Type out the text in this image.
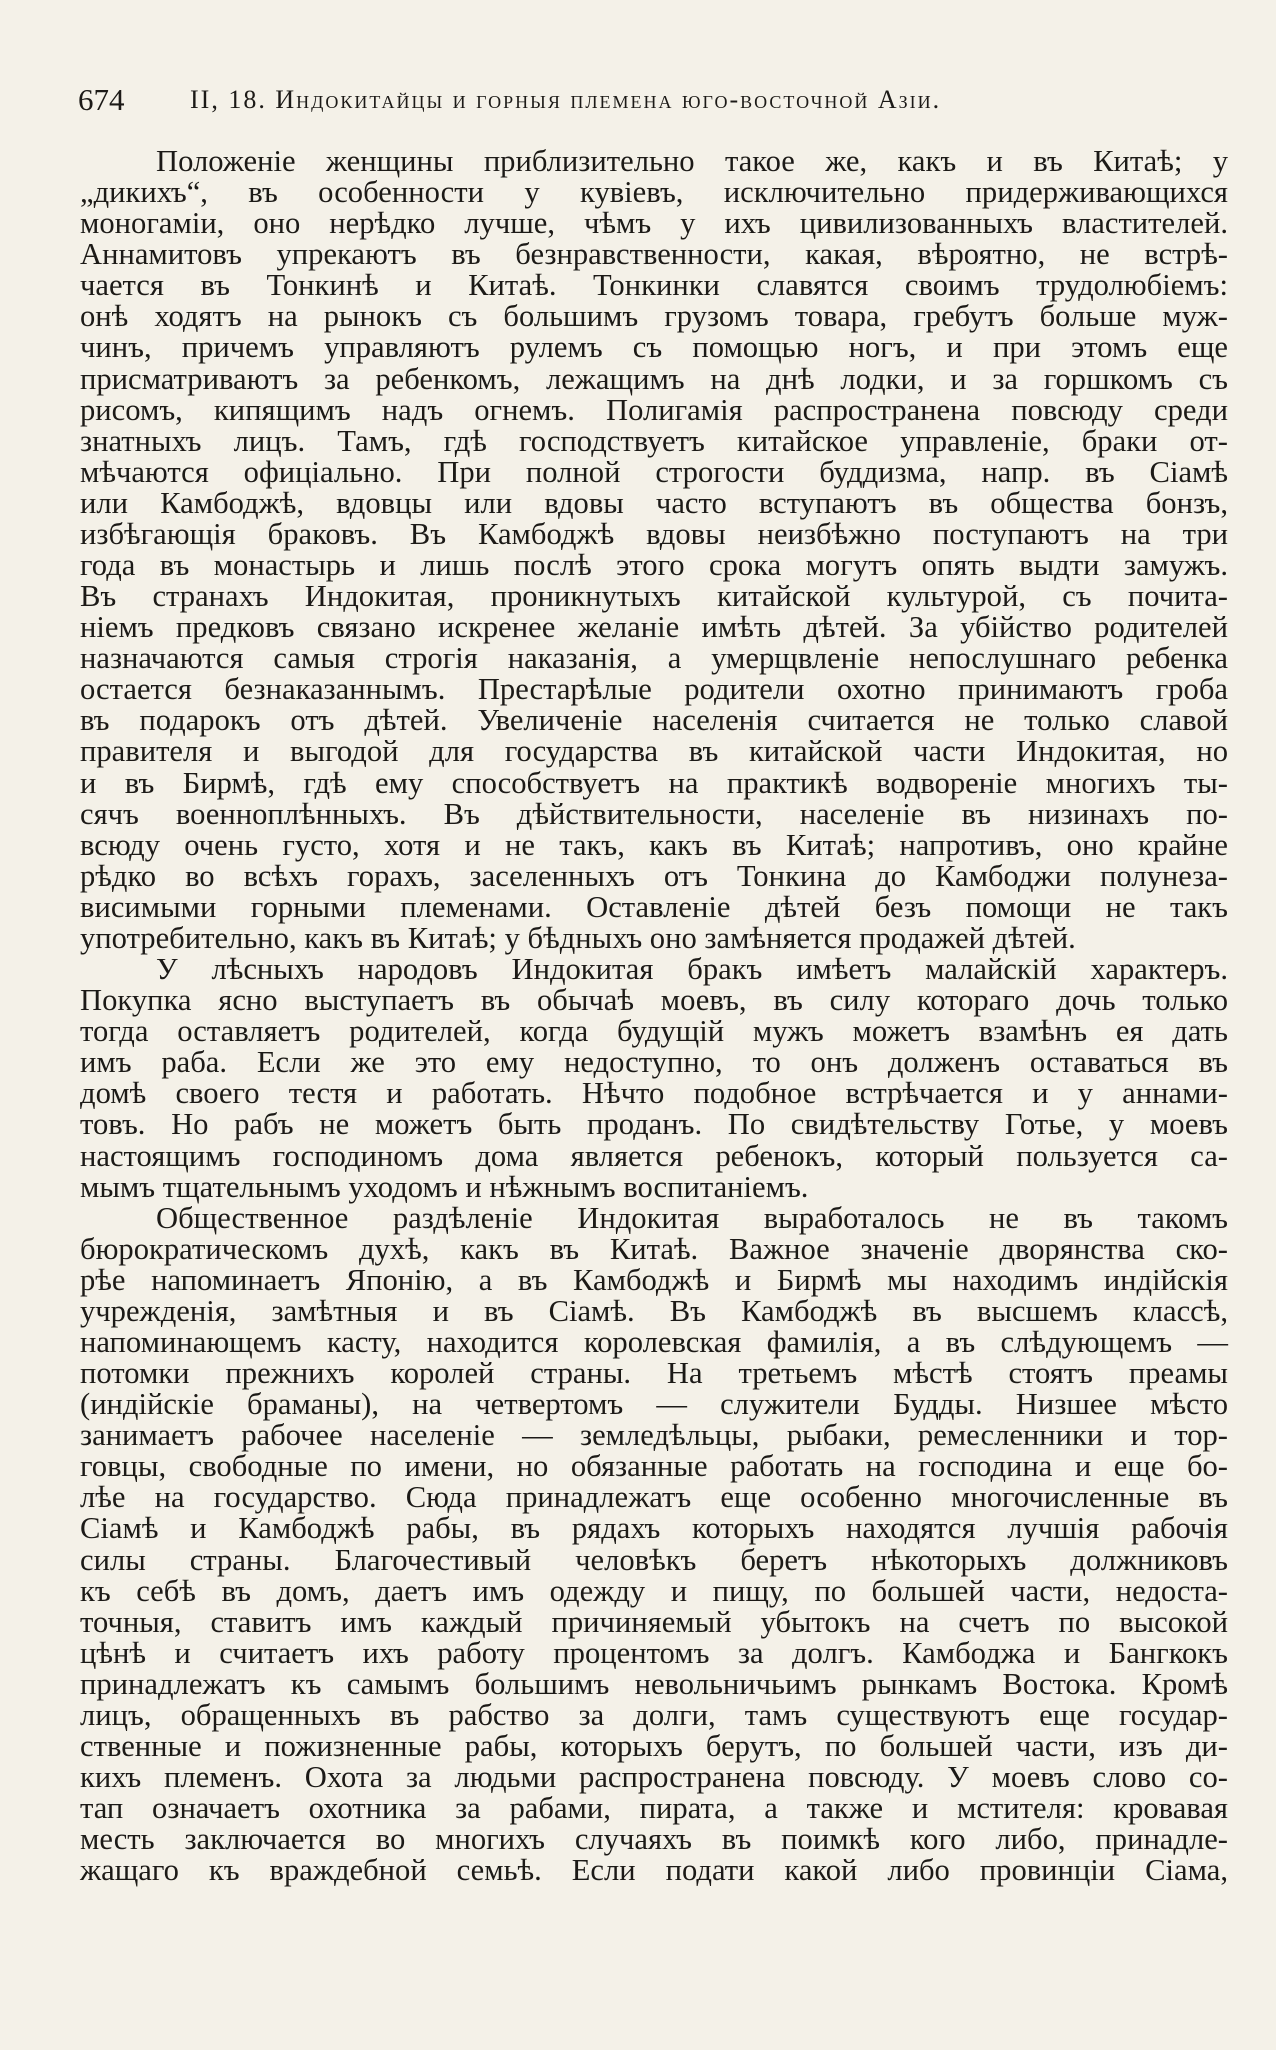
674	II, 18. Индокитайцы и горныя племена юго-восточной Азіи.

Положеніе женщины приблизительно такое же, какъ и въ Китаѣ; у
„дикихъ“, въ особенности у кувіевъ, исключительно придерживающихся
моногаміи, оно нерѣдко лучше, чѣмъ у ихъ цивилизованныхъ властителей.
Аннамитовъ упрекаютъ въ безнравственности, какая, вѣроятно, не встрѣ-
чается въ Тонкинѣ и Китаѣ. Тонкинки славятся своимъ трудолюбіемъ:
онѣ ходятъ на рынокъ съ большимъ грузомъ товара, гребутъ больше муж-
чинъ, причемъ управляютъ рулемъ съ помощью ногъ, и при этомъ еще
присматриваютъ за ребенкомъ, лежащимъ на днѣ лодки, и за горшкомъ съ
рисомъ, кипящимъ надъ огнемъ. Полигамія распространена повсюду среди
знатныхъ лицъ. Тамъ, гдѣ господствуетъ китайское управленіе, браки от-
мѣчаются офиціально. При полной строгости буддизма, напр. въ Сіамѣ
или Камбоджѣ, вдовцы или вдовы часто вступаютъ въ общества бонзъ,
избѣгающія браковъ. Въ Камбоджѣ вдовы неизбѣжно поступаютъ на три
года въ монастырь и лишь послѣ этого срока могутъ опять выдти замужъ.
Въ странахъ Индокитая, проникнутыхъ китайской культурой, съ почита-
ніемъ предковъ связано искренее желаніе имѣть дѣтей. За убійство родителей
назначаются самыя строгія наказанія, а умерщвленіе непослушнаго ребенка
остается безнаказаннымъ. Престарѣлые родители охотно принимаютъ гроба
въ подарокъ отъ дѣтей. Увеличеніе населенія считается не только славой
правителя и выгодой для государства въ китайской части Индокитая, но
и въ Бирмѣ, гдѣ ему способствуетъ на практикѣ водвореніе многихъ ты-
сячъ военноплѣнныхъ. Въ дѣйствительности, населеніе въ низинахъ по-
всюду очень густо, хотя и не такъ, какъ въ Китаѣ; напротивъ, оно крайне
рѣдко во всѣхъ горахъ, заселенныхъ отъ Тонкина до Камбоджи полунеза-
висимыми горными племенами. Оставленіе дѣтей безъ помощи не такъ
употребительно, какъ въ Китаѣ; у бѣдныхъ оно замѣняется продажей дѣтей.

У лѣсныхъ народовъ Индокитая бракъ имѣетъ малайскій характеръ.
Покупка ясно выступаетъ въ обычаѣ моевъ, въ силу котораго дочь только
тогда оставляетъ родителей, когда будущій мужъ можетъ взамѣнъ ея дать
имъ раба. Если же это ему недоступно, то онъ долженъ оставаться въ
домѣ своего тестя и работать. Нѣчто подобное встрѣчается и у аннами-
товъ. Но рабъ не можетъ быть проданъ. По свидѣтельству Готье, у моевъ
настоящимъ господиномъ дома является ребенокъ, который пользуется са-
мымъ тщательнымъ уходомъ и нѣжнымъ воспитаніемъ.

Общественное раздѣленіе Индокитая выработалось не въ такомъ
бюрократическомъ духѣ, какъ въ Китаѣ. Важное значеніе дворянства ско-
рѣе напоминаетъ Японію, а въ Камбоджѣ и Бирмѣ мы находимъ индійскія
учрежденія, замѣтныя и въ Сіамѣ. Въ Камбоджѣ въ высшемъ классѣ,
напоминающемъ касту, находится королевская фамилія, а въ слѣдующемъ —
потомки прежнихъ королей страны. На третьемъ мѣстѣ стоятъ преамы
(индійскіе браманы), на четвертомъ — служители Будды. Низшее мѣсто
занимаетъ рабочее населеніе — земледѣльцы, рыбаки, ремесленники и тор-
говцы, свободные по имени, но обязанные работать на господина и еще бо-
лѣе на государство. Сюда принадлежатъ еще особенно многочисленные въ
Сіамѣ и Камбоджѣ рабы, въ рядахъ которыхъ находятся лучшія рабочія
силы страны. Благочестивый человѣкъ беретъ нѣкоторыхъ должниковъ
къ себѣ въ домъ, даетъ имъ одежду и пищу, по большей части, недоста-
точныя, ставитъ имъ каждый причиняемый убытокъ на счетъ по высокой
цѣнѣ и считаетъ ихъ работу процентомъ за долгъ. Камбоджа и Бангкокъ
принадлежатъ къ самымъ большимъ невольничьимъ рынкамъ Востока. Кромѣ
лицъ, обращенныхъ въ рабство за долги, тамъ существуютъ еще государ-
ственные и пожизненные рабы, которыхъ берутъ, по большей части, изъ ди-
кихъ племенъ. Охота за людьми распространена повсюду. У моевъ слово со-
тап означаетъ охотника за рабами, пирата, а также и мстителя: кровавая
месть заключается во многихъ случаяхъ въ поимкѣ кого либо, принадле-
жащаго къ враждебной семьѣ. Если подати какой либо провинціи Сіама,
